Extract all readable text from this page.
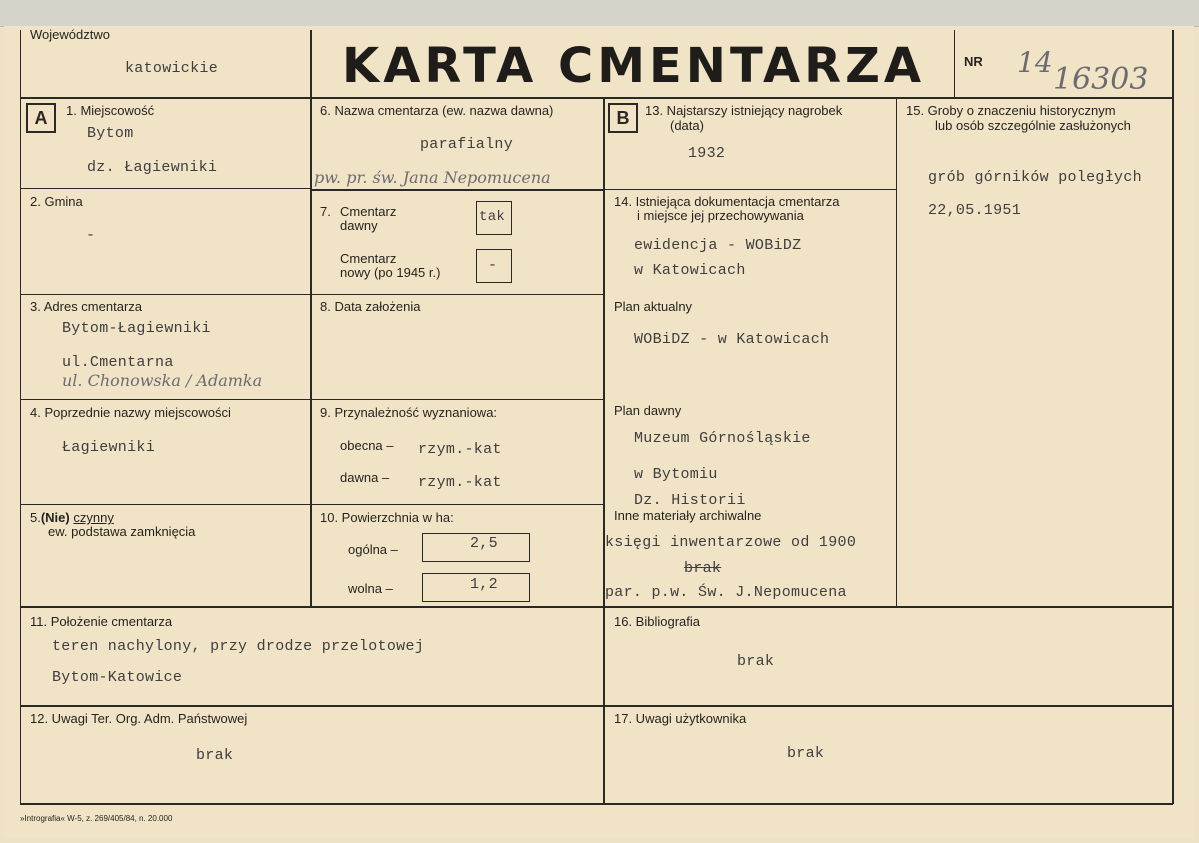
Województwo
katowickie	KARTA CMENTARZA	NR 14 16303
A	B
1. Miejscowość
Bytom
dz. Łagiewniki
2. Gmina
-
3. Adres cmentarza
Bytom-Łagiewniki
ul.Cmentarna
ul. Chonowska / Adamka
4. Poprzednie nazwy miejscowości
Łagiewniki
5.(Nie) czynny
ew. podstawa zamknięcia
6. Nazwa cmentarza (ew. nazwa dawna)
parafialny
pw. pr. św. Jana Nepomucena
7. Cmentarz
dawny
tak
Cmentarz
nowy (po 1945 r.)	-
8. Data założenia
9. Przynależność wyznaniowa:
obecna – rzym.-kat
dawna – rzym.-kat
10. Powierzchnia w ha:
ogólna –	2,5
wolna –	1,2
11. Położenie cmentarza
teren nachylony, przy drodze przelotowej
Bytom-Katowice
12. Uwagi Ter. Org. Adm. Państwowej
brak
13. Najstarszy istniejący nagrobek
(data)
1932
14. Istniejąca dokumentacja cmentarza
i miejsce jej przechowywania
ewidencja - WOBiDZ
w Katowicach
Plan aktualny
WOBiDZ - w Katowicach
Plan dawny
Muzeum Górnośląskie
w Bytomiu
Dz. Historii
Inne materiały archiwalne
księgi inwentarzowe od 1900
brak
par. p.w. Św. J.Nepomucena
15. Groby o znaczeniu historycznym
lub osób szczególnie zasłużonych
grób górników poległych
22,05.1951
16. Bibliografia
brak
17. Uwagi użytkownika
brak
»Intrografia« W-5, z. 269/405/84, n. 20.000
